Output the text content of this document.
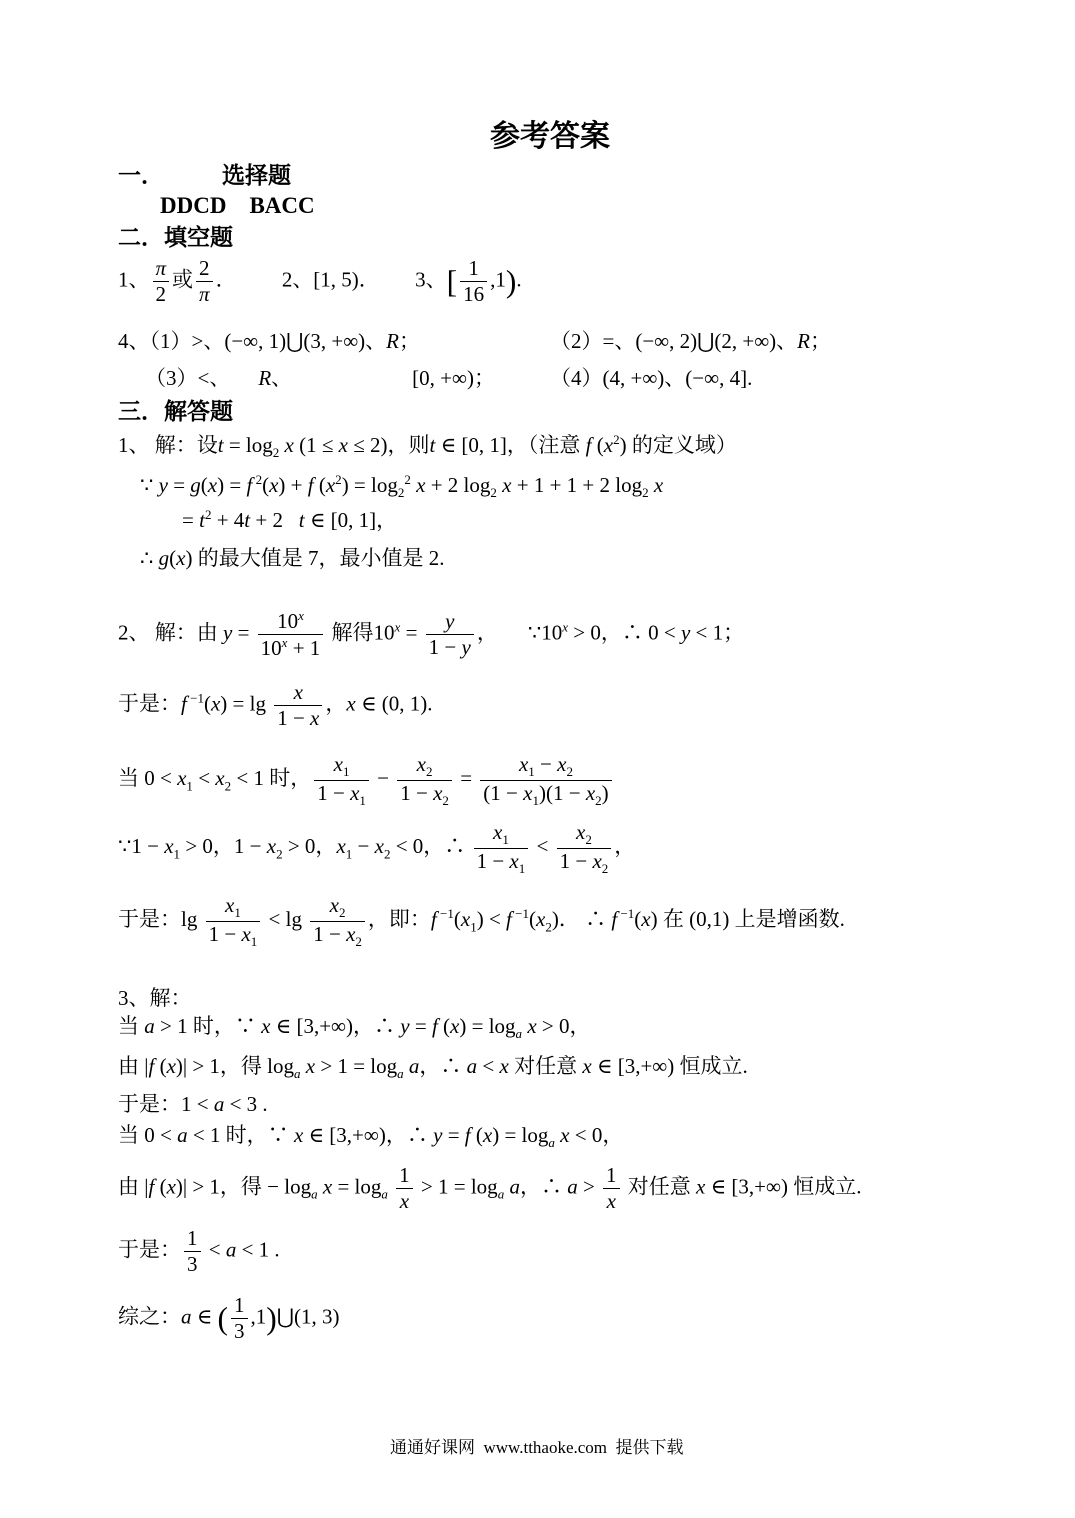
参考答案
一．	选择题
DDCD    BACC
二．填空题
1、 $\frac{\pi}{2}$ 或 $\frac{2}{\pi}$ ． 2、[1, 5)． 3、[ $\frac{1}{16} ,1$).
4、（1）>、(−∞, 1)⋃(3, +∞)、R；	（2）=、(−∞, 2)⋃(2, +∞)、R；
（3）<、 R、	[0, +∞)；	（4）(4, +∞)、(−∞, 4].
三．解答题
1、 解：设$t = \log_2 x$ (1 ≤ x ≤ 2)，则t ∈ [0, 1]，（注意 f $(x^2)$ 的定义域）
∵ y = g(x) = f $^2$(x) + f $(x^2) = \log_2^2 x + 2$ $\log_2 x + 1 + 1 + 2$ $\log_2 x$
= $t^2 + 4t + 2$   t ∈ [0, 1]，
∴ g(x) 的最大值是 7，最小值是 2.
2、 解：由 $y = \frac{10^x}{10^x + 1}$ 解得$10^x = \frac{y}{1 - y}$ ， $\because 10^x > 0$，∴ 0 < y < 1；
于是：f $^{-1}(x) = \lg \frac{x}{1 - x}$ ，x ∈ (0, 1).
当 $0 < x_1 < x_2 < 1$ 时， $\frac{x_1}{1 - x_1} - \frac{x_2}{1 - x_2} = \frac{x_1 - x_2}{(1 - x_1)(1 - x_2)}$
∵1 − $x_1 > 0$，$1 - x_2 > 0$，$x_1 - x_2 < 0$，∴ $\frac{x_1}{1 - x_1} < \frac{x_2}{1 - x_2}$ ，
于是：$\lg \frac{x_1}{1 - x_1} < \lg \frac{x_2}{1 - x_2}$ ，即：f $^{-1}(x_1) < f$ $^{-1}(x_2)$． ∴ f $^{-1}$(x) 在 (0,1) 上是增函数.
3、解：
当 a > 1 时，∵ x ∈ [3,+∞)，∴ y = f $(x) = \log_a x > 0$，
由 |f (x)| > 1，得 $\log_a x > 1 = \log_a a$，∴ a < x 对任意 x ∈ [3,+∞) 恒成立.
于是：1 < a < 3 .
当 0 < a < 1 时，∵ x ∈ [3,+∞)，∴ y = f $(x) = \log_a x < 0$，
由 |f (x)| > 1，得 − $\log_a x = \log_a \frac{1}{x} > 1 = \log_a a$，∴ $a > \frac{1}{x}$ 对任意 x ∈ [3,+∞) 恒成立.
于是： $\frac{1}{3} < a < 1$ .
综之：a ∈ ( $\frac{1}{3}$ ,1)⋃(1, 3)
通通好课网  www.tthaoke.com  提供下载
